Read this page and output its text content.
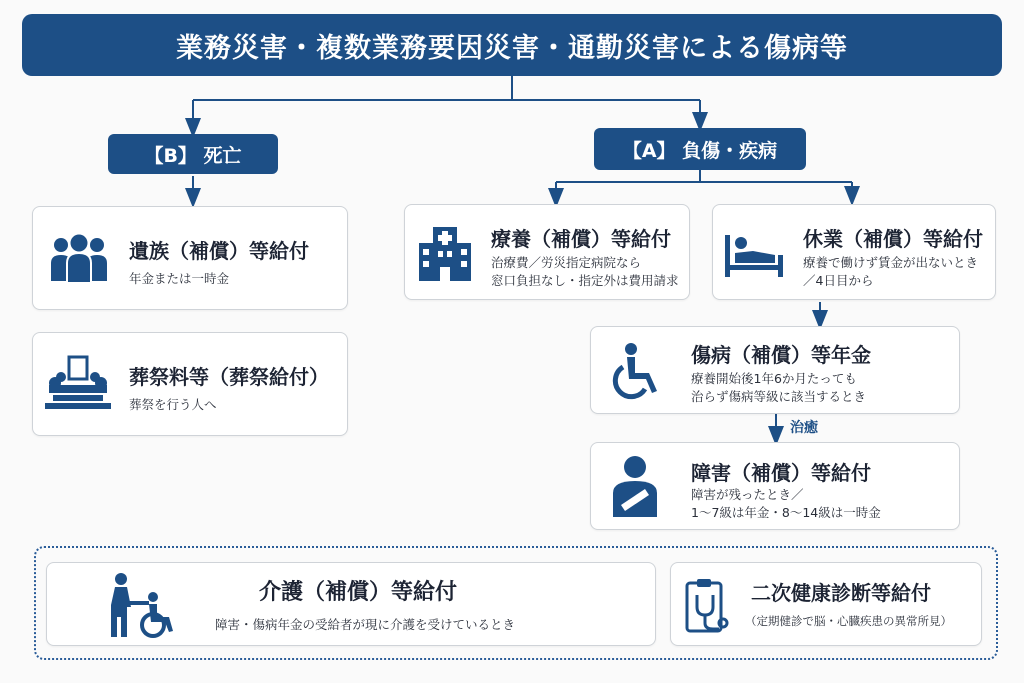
業務災害・複数業務要因災害・通勤災害による傷病等
【B】 死亡	【A】 負傷・疾病
遺族（補償）等給付
年金または一時金
葬祭料等（葬祭給付）
葬祭を行う人へ
療養（補償）等給付
治療費／労災指定病院なら
窓口負担なし・指定外は費用請求
休業（補償）等給付
療養で働けず賃金が出ないとき
／4日目から
傷病（補償）等年金
療養開始後1年6か月たっても
治らず傷病等級に該当するとき
治癒
障害（補償）等給付
障害が残ったとき／
1～7級は年金・8～14級は一時金
介護（補償）等給付
障害・傷病年金の受給者が現に介護を受けているとき
二次健康診断等給付
（定期健診で脳・心臓疾患の異常所見）
